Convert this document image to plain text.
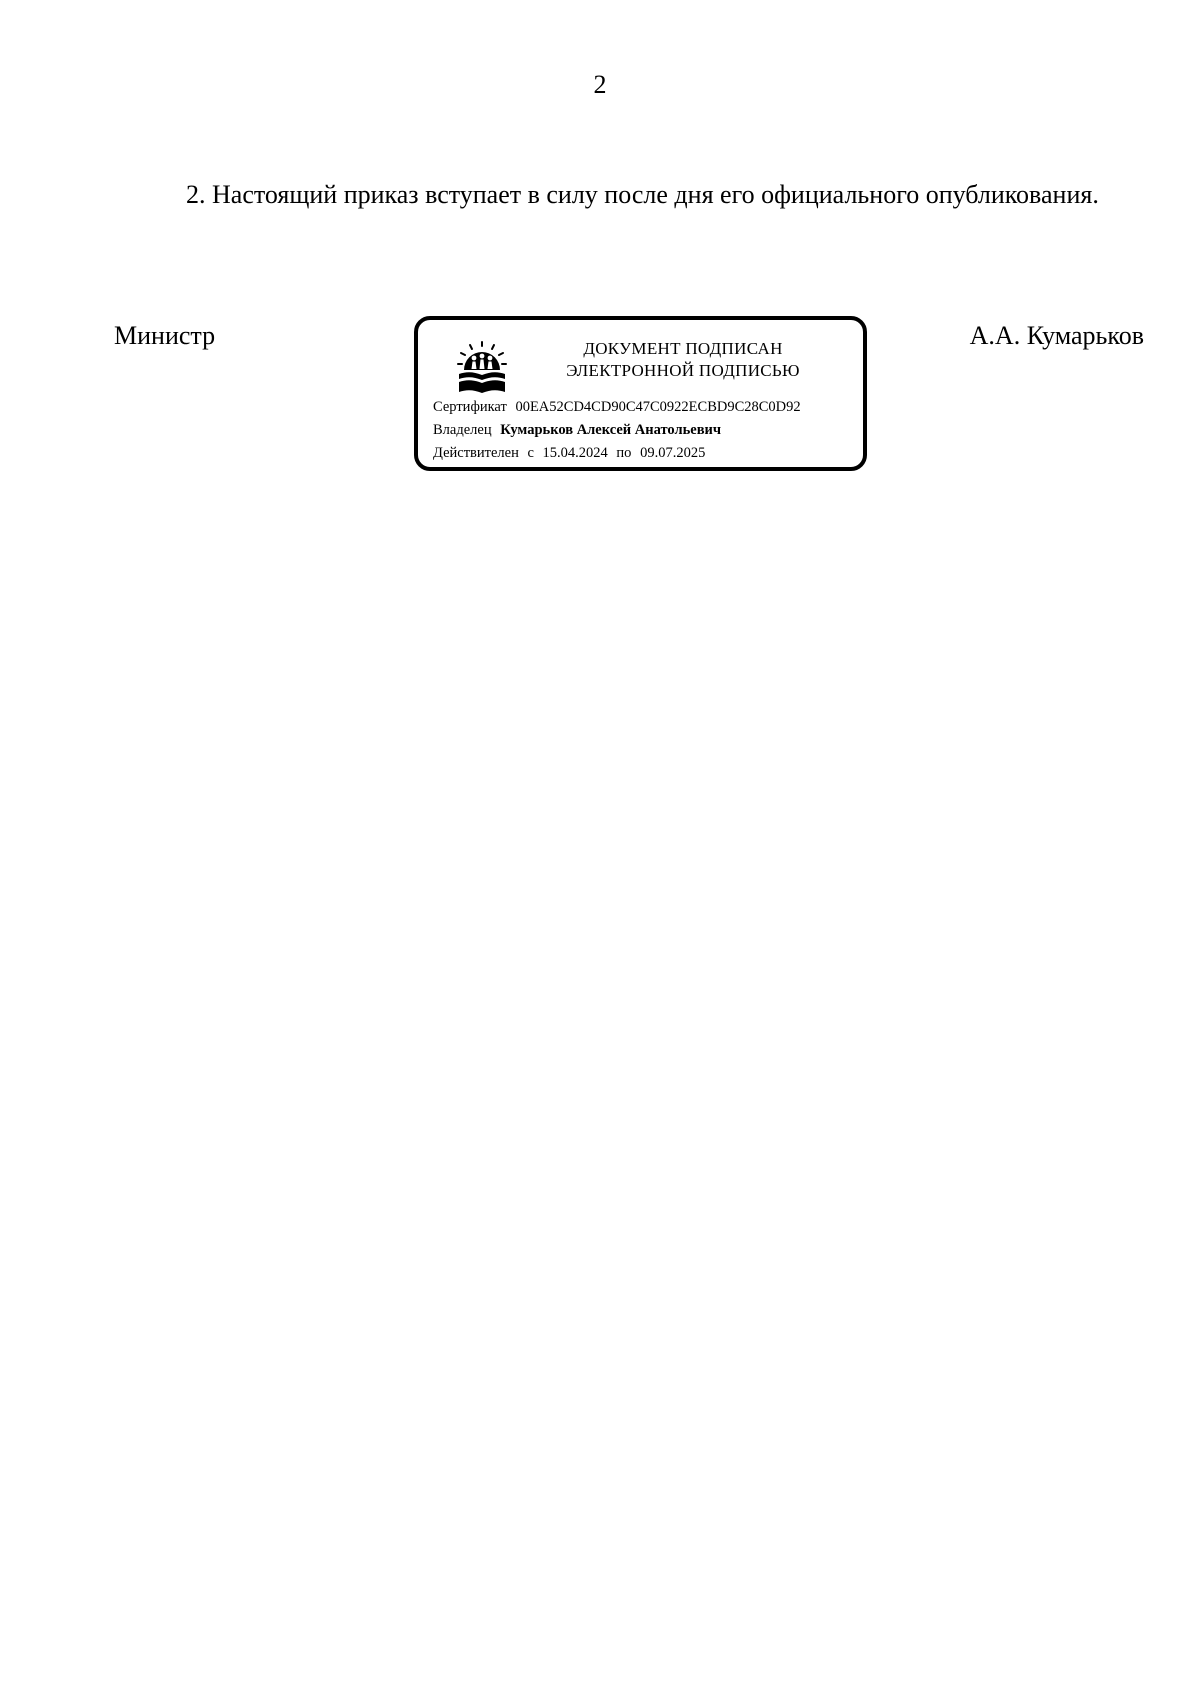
2

2. Настоящий приказ вступает в силу после дня его официального опубликования.

Министр	А.А. Кумарьков
ДОКУМЕНТ ПОДПИСАН
ЭЛЕКТРОННОЙ ПОДПИСЬЮ
Сертификат 00EA52CD4CD90C47C0922ECBD9C28C0D92
Владелец Кумарьков Алексей Анатольевич
Действителен с 15.04.2024 по 09.07.2025
